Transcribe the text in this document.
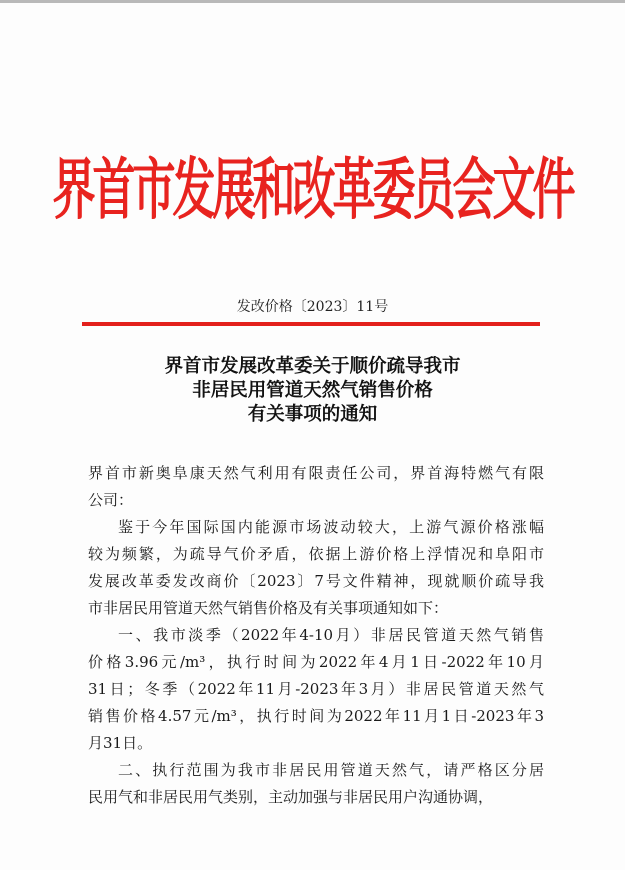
界首市发展和改革委员会文件
发改价格〔2023〕11号
界首市发展改革委关于顺价疏导我市
非居民用管道天然气销售价格
有关事项的通知

界首市新奥阜康天然气利用有限责任公司，界首海特燃气有限
公司：

鉴于今年国际国内能源市场波动较大，上游气源价格涨幅
较为频繁，为疏导气价矛盾，依据上游价格上浮情况和阜阳市
发展改革委发改商价〔2023〕7号文件精神，现就顺价疏导我
市非居民用管道天然气销售价格及有关事项通知如下：

一、我市淡季（2022年4-10月）非居民管道天然气销售
价格3.96元/m³，执行时间为2022年4月1日-2022年10月
31日；冬季（2022年11月-2023年3月）非居民管道天然气
销售价格4.57元/m³，执行时间为2022年11月1日-2023年3
月31日。

二、执行范围为我市非居民用管道天然气，请严格区分居
民用气和非居民用气类别，主动加强与非居民用户沟通协调，
